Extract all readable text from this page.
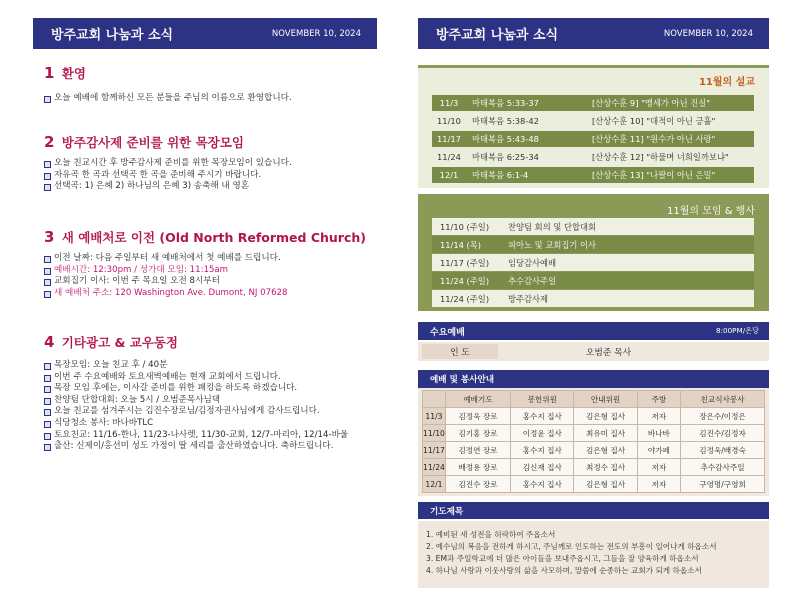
방주교회 나눔과 소식	NOVEMBER 10, 2024
1 환영
오늘 예배에 함께하신 모든 분들을 주님의 이름으로 환영합니다.
2 방주감사제 준비를 위한 목장모임
오늘 친교시간 후 방주감사제 준비를 위한 목장모임이 있습니다.
자유곡 한 곡과 선택곡 한 곡을 준비해 주시기 바랍니다.
선택곡: 1) 은혜 2) 하나님의 은혜 3) 송축해 내 영혼
3 새 예배처로 이전 (Old North Reformed Church)
이전 날짜: 다음 주일부터 새 예배처에서 첫 예배를 드립니다.
예배시간: 12:30pm / 성가대 모임: 11:15am
교회집기 이사: 이번 주 목요일 오전 8시부터
새 예배처 주소: 120 Washington Ave. Dumont, NJ 07628
4 기타광고 & 교우동정
목장모임: 오늘 친교 후 / 40분
이번 주 수요예배와 토요새벽예배는 현재 교회에서 드립니다.
목장 모임 후에는, 이사갈 준비를 위한 패킹을 하도록 하겠습니다.
찬양팀 단합대회: 오늘 5시 / 오범준목사님댁
오늘 친교를 섬겨주시는 김진수장로님/김정자권사님에게 감사드립니다.
식당청소 봉사: 바나바TLC
토요친교: 11/16-한나, 11/23-나사렛, 11/30-교회, 12/7-마리아, 12/14-바울
출산: 신제이/홍선미 성도 가정이 딸 세리를 출산하였습니다. 축하드립니다.
방주교회 나눔과 소식	NOVEMBER 10, 2024
11월의 설교
11/3	마태복음 5:33-37	[산상수훈 9] "맹세가 아닌 진실"
11/10	마태복음 5:38-42	[산상수훈 10] "대적이 아닌 긍휼"
11/17	마태복음 5:43-48	[산상수훈 11] "원수가 아닌 사랑"
11/24	마태복음 6:25-34	[산상수훈 12] "하물며 너희일까보냐"
12/1	마태복음 6:1-4	[산상수훈 13] "나팔이 아닌 은밀"
11월의 모임 & 행사
11/10 (주일)	찬양팀 회의 및 단합대회
11/14 (목)	피아노 및 교회집기 이사
11/17 (주일)	임당감사예배
11/24 (주일)	추수감사주일
11/24 (주일)	방주감사제
수요예배	8:00PM/온당
인 도	오범준 목사
예배 및 봉사안내
	예배기도	봉헌위원	안내위원	주방	친교식사봉사
11/3	김정욱 장로	홍수지 집사	김은형 집사	저자	장은수/이정은
11/10	김기홍 장로	이정윤 집사	최유미 집사	바나바	김진수/김정자
11/17	김정연 장로	홍수지 집사	김은형 집사	야가페	김정욱/배경숙
11/24	배정용 장로	김신재 집사	최정수 집사	저자	추수감사주일
12/1	김진수 장로	홍수지 집사	김은형 집사	저자	구영명/구영희
기도제목
1. 예비된 새 성전을 허락하여 주옵소서
2. 예수님의 복음을 전하게 하시고, 주님께로 인도하는 전도의 부흥이 일어나게 하옵소서
3. EM과 주일학교에 더 많은 아이들을 보내주옵시고, 그들을 잘 양육하게 하옵소서
4. 하나님 사랑과 이웃사랑의 삶을 사모하며, 말씀에 순종하는 교회가 되게 하옵소서
